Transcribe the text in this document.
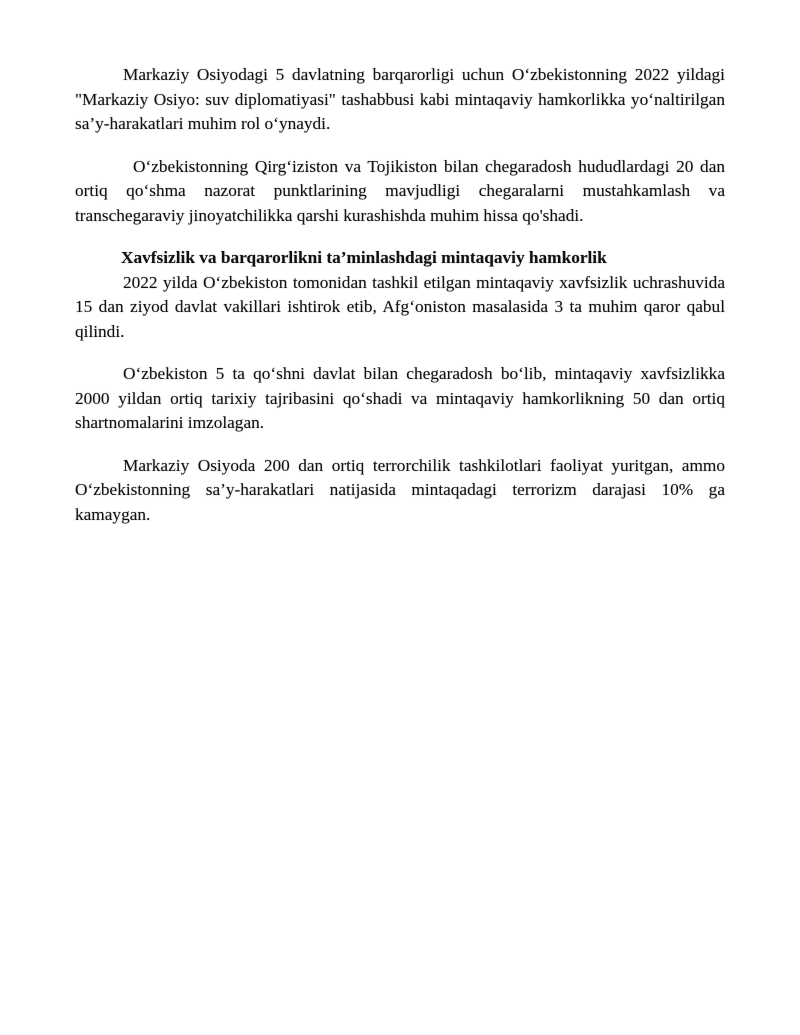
Markaziy Osiyodagi 5 davlatning barqarorligi uchun O‘zbekistonning 2022 yildagi "Markaziy Osiyo: suv diplomatiyasi" tashabbusi kabi mintaqaviy hamkorlikka yo‘naltirilgan sa’y-harakatlari muhim rol o‘ynaydi.

O‘zbekistonning Qirg‘iziston va Tojikiston bilan chegaradosh hududlardagi 20 dan ortiq qo‘shma nazorat punktlarining mavjudligi chegaralarni mustahkamlash va transchegaraviy jinoyatchilikka qarshi kurashishda muhim hissa qo'shadi.

Xavfsizlik va barqarorlikni ta’minlashdagi mintaqaviy hamkorlik

2022 yilda O‘zbekiston tomonidan tashkil etilgan mintaqaviy xavfsizlik uchrashuvida 15 dan ziyod davlat vakillari ishtirok etib, Afg‘oniston masalasida 3 ta muhim qaror qabul qilindi.

O‘zbekiston 5 ta qo‘shni davlat bilan chegaradosh bo‘lib, mintaqaviy xavfsizlikka 2000 yildan ortiq tarixiy tajribasini qo‘shadi va mintaqaviy hamkorlikning 50 dan ortiq shartnomalarini imzolagan.

Markaziy Osiyoda 200 dan ortiq terrorchilik tashkilotlari faoliyat yuritgan, ammo O‘zbekistonning sa’y-harakatlari natijasida mintaqadagi terrorizm darajasi 10% ga kamaygan.
